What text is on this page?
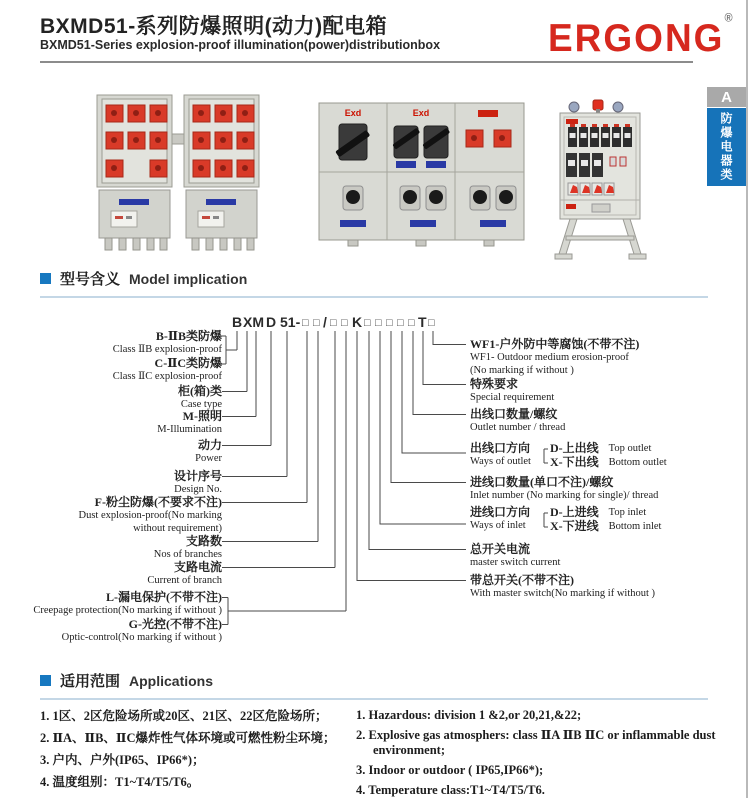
BXMD51-系列防爆照明(动力)配电箱
BXMD51-Series explosion-proof illumination(power)distributionbox	ERGONG®
A
防爆电器类
Exd	Exd
型号含义 Model implication
B XM D 51- □ □ / □ □ K □ □ □ □ □ T □
B-ⅡB类防爆
Class ⅡB explosion-proof
C-ⅡC类防爆
Class ⅡC explosion-proof
柜(箱)类
Case type
M-照明
M-Illumination
动力
Power
设计序号
Design No.
F-粉尘防爆(不要求不注)
Dust explosion-proof(No marking
without requirement)
支路数
Nos of branches
支路电流
Current of branch
L-漏电保护(不带不注)
Creepage protection(No marking if without )
G-光控(不带不注)
Optic-control(No marking if without )
WF1-户外防中等腐蚀(不带不注)
WF1- Outdoor medium erosion-proof
(No marking if without )
特殊要求
Special requirement
出线口数量/螺纹
Outlet number / thread
出线口方向
Ways of outlet
D-上出线 Top outlet
X-下出线 Bottom outlet
进线口数量(单口不注)/螺纹
Inlet number (No marking for single)/ thread
进线口方向
Ways of inlet
D-上进线 Top inlet
X-下进线 Bottom inlet
总开关电流
master switch current
带总开关(不带不注)
With master switch(No marking if without )
适用范围 Applications
1. 1区、2区危险场所或20区、21区、22区危险场所；
2. ⅡA、ⅡB、ⅡC爆炸性气体环境或可燃性粉尘环境；
3. 户内、户外(IP65、IP66*)；
4. 温度组别：T1~T4/T5/T6。
1. Hazardous: division 1 &2,or 20,21,&22;
2. Explosive gas atmosphers: class ⅡA ⅡB ⅡC or inflammable dust environment;
3. Indoor or outdoor ( IP65,IP66*);
4. Temperature class:T1~T4/T5/T6.
